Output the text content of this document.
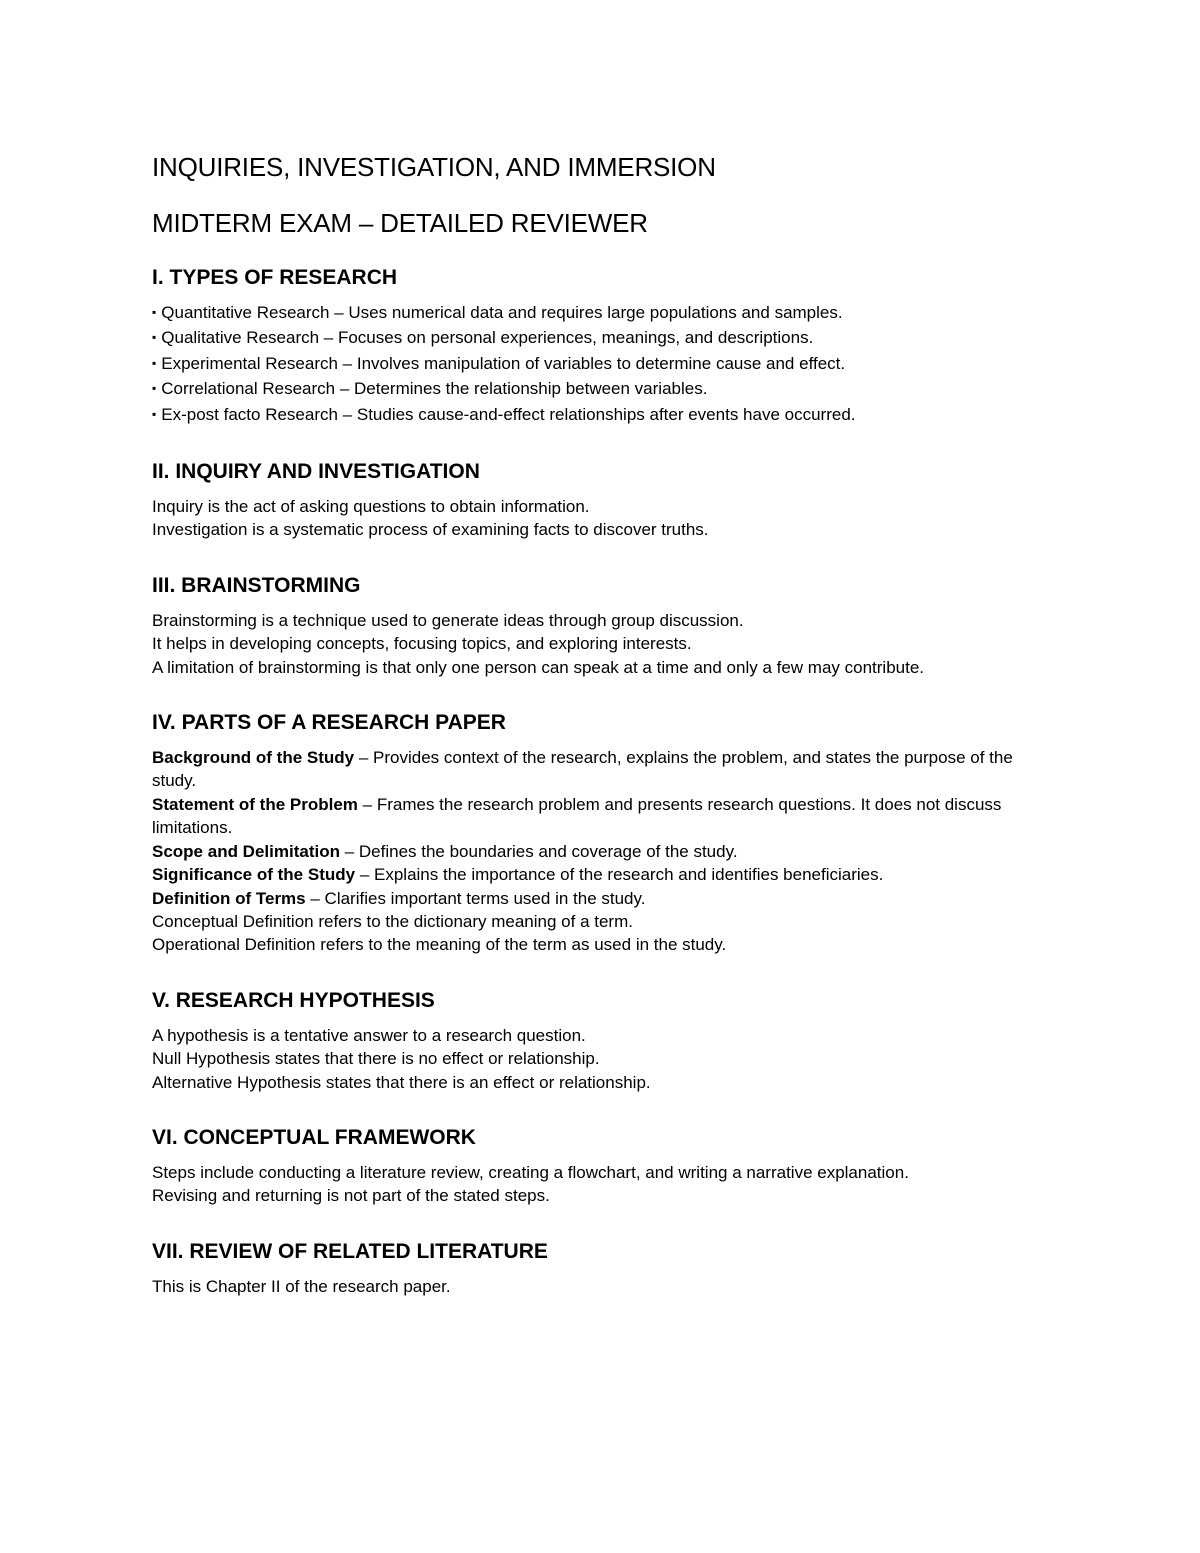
INQUIRIES, INVESTIGATION, AND IMMERSION
MIDTERM EXAM – DETAILED REVIEWER
I. TYPES OF RESEARCH

▪ Quantitative Research – Uses numerical data and requires large populations and samples.

▪ Qualitative Research – Focuses on personal experiences, meanings, and descriptions.

▪ Experimental Research – Involves manipulation of variables to determine cause and effect.

▪ Correlational Research – Determines the relationship between variables.

▪ Ex-post facto Research – Studies cause-and-effect relationships after events have occurred.

II. INQUIRY AND INVESTIGATION

Inquiry is the act of asking questions to obtain information.

Investigation is a systematic process of examining facts to discover truths.

III. BRAINSTORMING

Brainstorming is a technique used to generate ideas through group discussion.

It helps in developing concepts, focusing topics, and exploring interests.

A limitation of brainstorming is that only one person can speak at a time and only a few may contribute.

IV. PARTS OF A RESEARCH PAPER

Background of the Study – Provides context of the research, explains the problem, and states the purpose of the study.

Statement of the Problem – Frames the research problem and presents research questions. It does not discuss limitations.

Scope and Delimitation – Defines the boundaries and coverage of the study.

Significance of the Study – Explains the importance of the research and identifies beneficiaries.

Definition of Terms – Clarifies important terms used in the study.

Conceptual Definition refers to the dictionary meaning of a term.

Operational Definition refers to the meaning of the term as used in the study.

V. RESEARCH HYPOTHESIS

A hypothesis is a tentative answer to a research question.

Null Hypothesis states that there is no effect or relationship.

Alternative Hypothesis states that there is an effect or relationship.

VI. CONCEPTUAL FRAMEWORK

Steps include conducting a literature review, creating a flowchart, and writing a narrative explanation.

Revising and returning is not part of the stated steps.

VII. REVIEW OF RELATED LITERATURE

This is Chapter II of the research paper.
